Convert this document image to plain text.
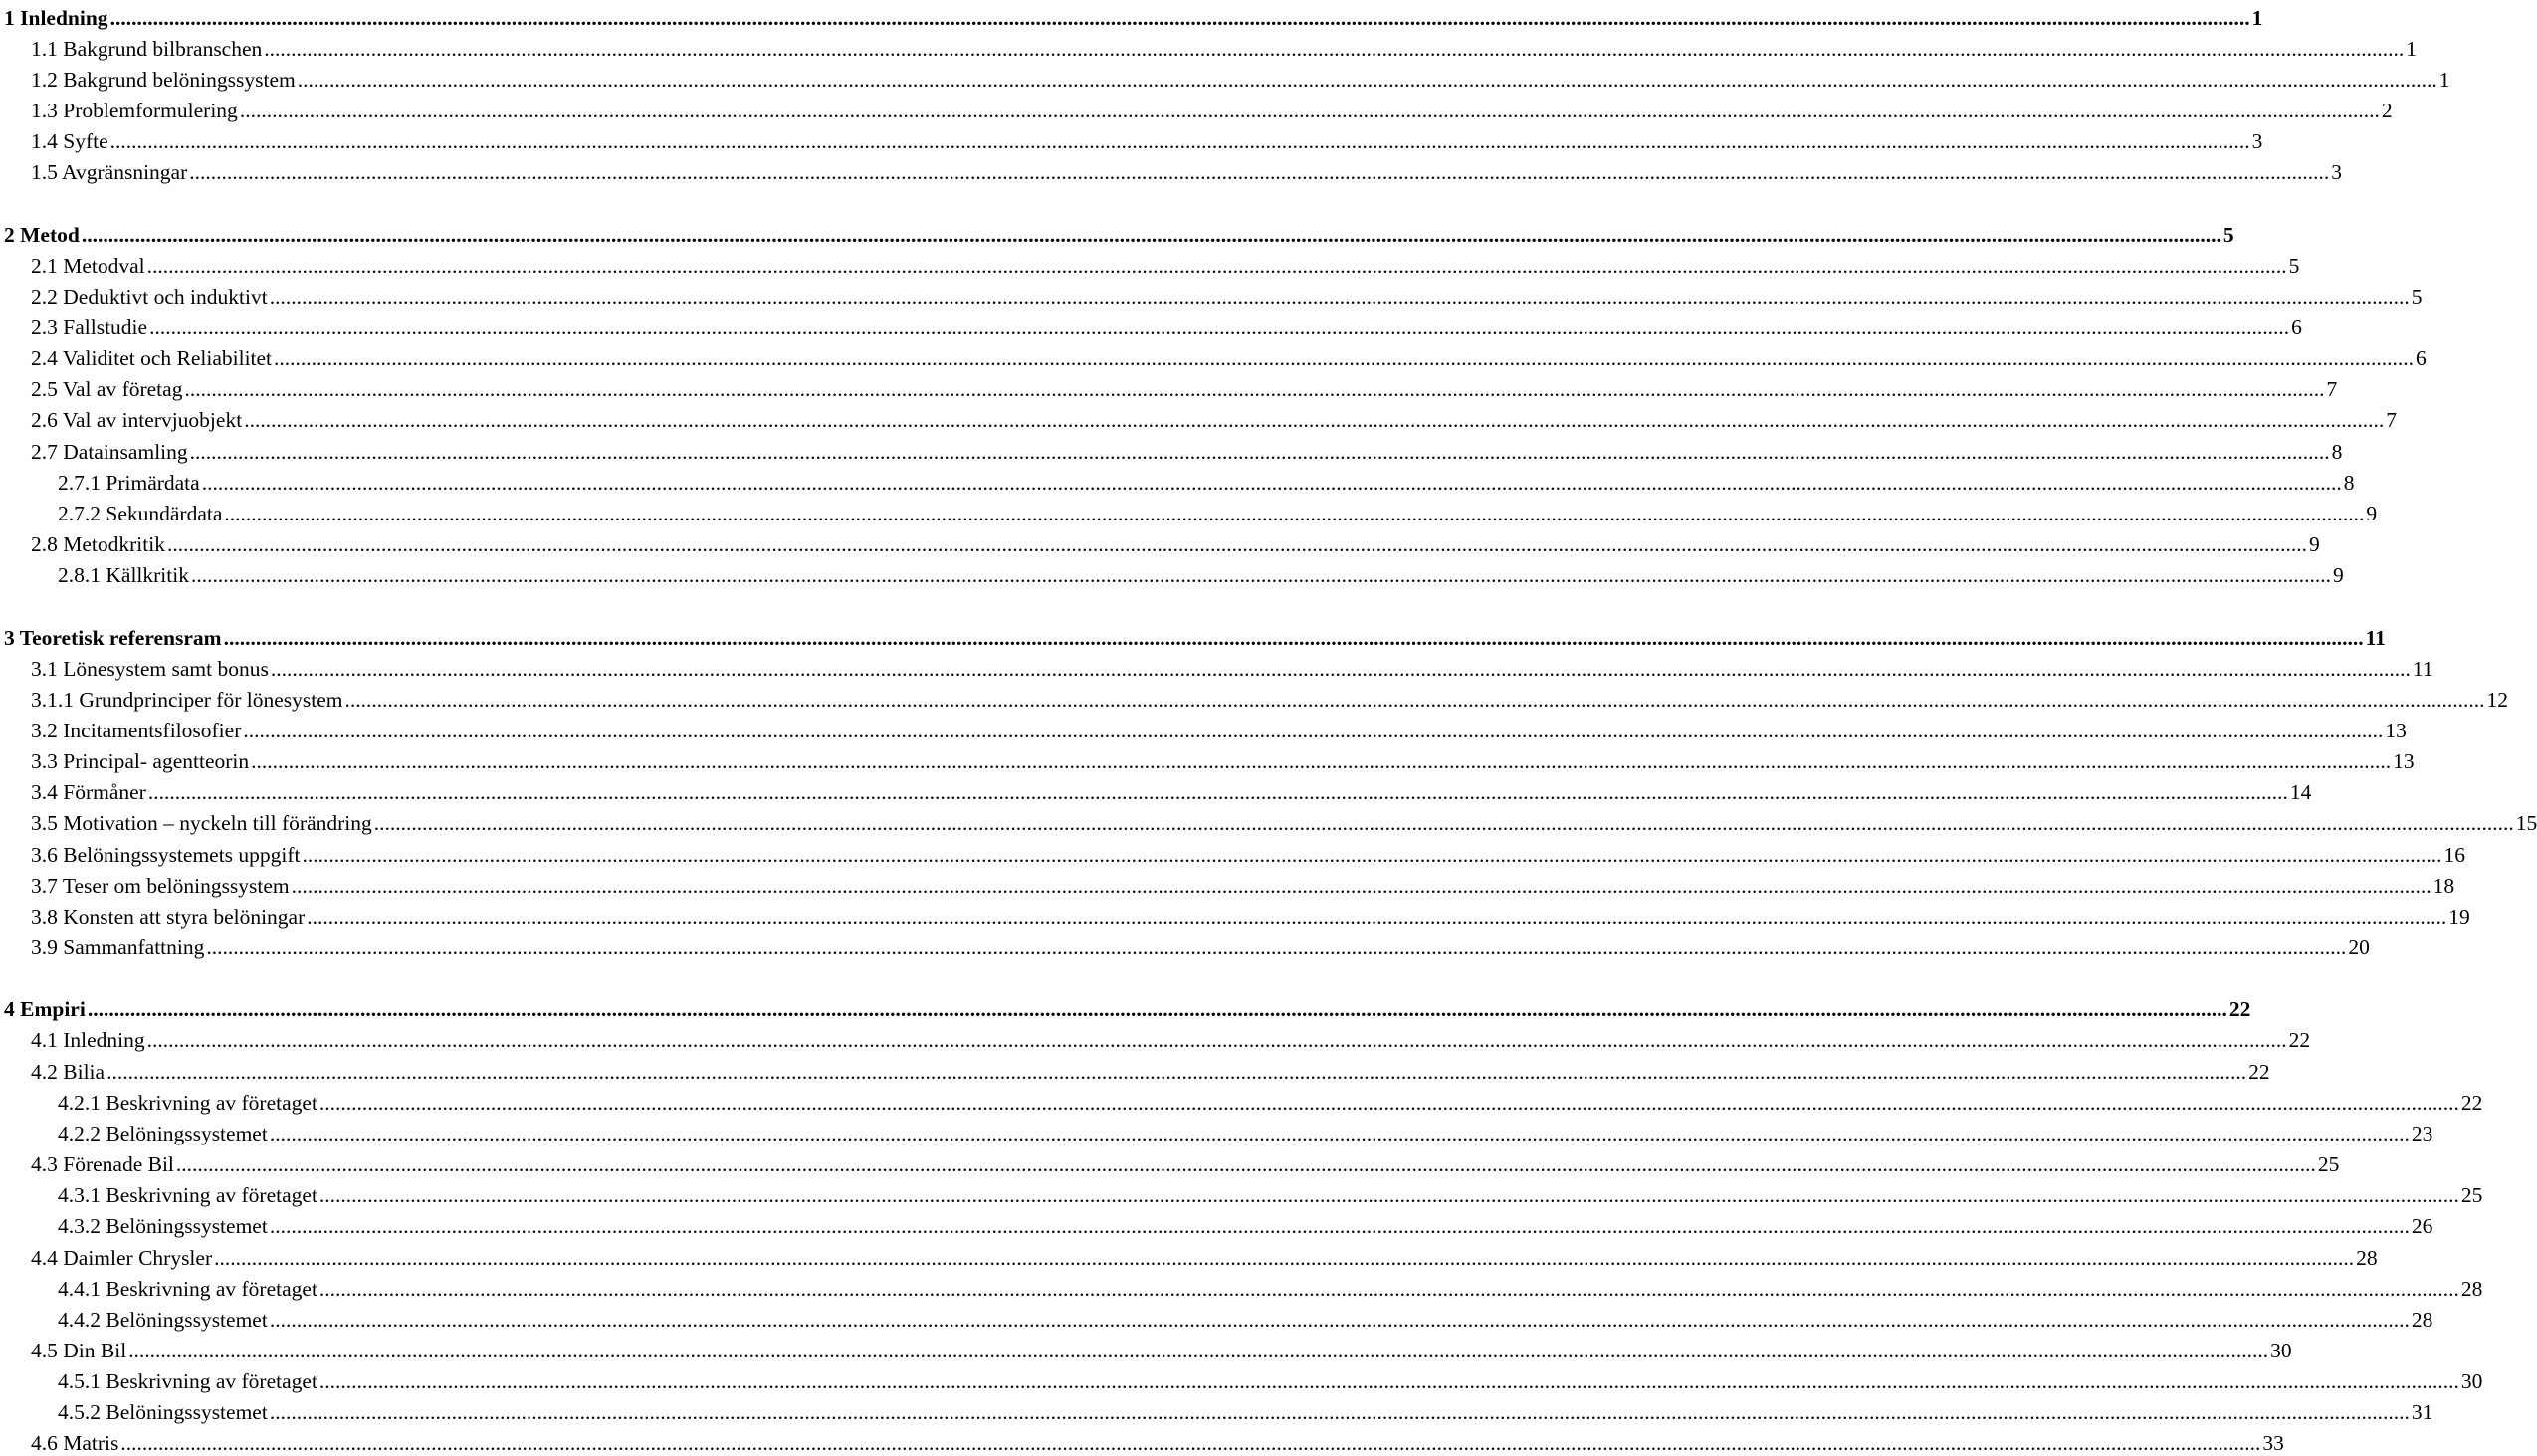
1 Inledning ................................................................................................................................................................................................................................................................................................................................................................................................................ 1
1.1 Bakgrund bilbranschen ................................................................................................................................................................................................................................................................................................................................................................................................................ 1
1.2 Bakgrund belöningssystem ................................................................................................................................................................................................................................................................................................................................................................................................................ 1
1.3 Problemformulering ................................................................................................................................................................................................................................................................................................................................................................................................................ 2
1.4 Syfte ................................................................................................................................................................................................................................................................................................................................................................................................................ 3
1.5 Avgränsningar ................................................................................................................................................................................................................................................................................................................................................................................................................ 3
2 Metod ................................................................................................................................................................................................................................................................................................................................................................................................................ 5
2.1 Metodval ................................................................................................................................................................................................................................................................................................................................................................................................................ 5
2.2 Deduktivt och induktivt ................................................................................................................................................................................................................................................................................................................................................................................................................ 5
2.3 Fallstudie ................................................................................................................................................................................................................................................................................................................................................................................................................ 6
2.4 Validitet och Reliabilitet ................................................................................................................................................................................................................................................................................................................................................................................................................ 6
2.5 Val av företag ................................................................................................................................................................................................................................................................................................................................................................................................................ 7
2.6 Val av intervjuobjekt ................................................................................................................................................................................................................................................................................................................................................................................................................ 7
2.7 Datainsamling ................................................................................................................................................................................................................................................................................................................................................................................................................ 8
2.7.1 Primärdata ................................................................................................................................................................................................................................................................................................................................................................................................................ 8
2.7.2 Sekundärdata ................................................................................................................................................................................................................................................................................................................................................................................................................ 9
2.8 Metodkritik ................................................................................................................................................................................................................................................................................................................................................................................................................ 9
2.8.1 Källkritik ................................................................................................................................................................................................................................................................................................................................................................................................................ 9
3 Teoretisk referensram ................................................................................................................................................................................................................................................................................................................................................................................................................ 11
3.1 Lönesystem samt bonus ................................................................................................................................................................................................................................................................................................................................................................................................................ 11
3.1.1 Grundprinciper för lönesystem ................................................................................................................................................................................................................................................................................................................................................................................................................ 12
3.2 Incitamentsfilosofier ................................................................................................................................................................................................................................................................................................................................................................................................................ 13
3.3 Principal- agentteorin ................................................................................................................................................................................................................................................................................................................................................................................................................ 13
3.4 Förmåner ................................................................................................................................................................................................................................................................................................................................................................................................................ 14
3.5 Motivation – nyckeln till förändring ................................................................................................................................................................................................................................................................................................................................................................................................................ 15
3.6 Belöningssystemets uppgift ................................................................................................................................................................................................................................................................................................................................................................................................................ 16
3.7 Teser om belöningssystem ................................................................................................................................................................................................................................................................................................................................................................................................................ 18
3.8 Konsten att styra belöningar ................................................................................................................................................................................................................................................................................................................................................................................................................ 19
3.9 Sammanfattning ................................................................................................................................................................................................................................................................................................................................................................................................................ 20
4 Empiri ................................................................................................................................................................................................................................................................................................................................................................................................................ 22
4.1 Inledning ................................................................................................................................................................................................................................................................................................................................................................................................................ 22
4.2 Bilia ................................................................................................................................................................................................................................................................................................................................................................................................................ 22
4.2.1 Beskrivning av företaget ................................................................................................................................................................................................................................................................................................................................................................................................................ 22
4.2.2 Belöningssystemet ................................................................................................................................................................................................................................................................................................................................................................................................................ 23
4.3 Förenade Bil ................................................................................................................................................................................................................................................................................................................................................................................................................ 25
4.3.1 Beskrivning av företaget ................................................................................................................................................................................................................................................................................................................................................................................................................ 25
4.3.2 Belöningssystemet ................................................................................................................................................................................................................................................................................................................................................................................................................ 26
4.4 Daimler Chrysler ................................................................................................................................................................................................................................................................................................................................................................................................................ 28
4.4.1 Beskrivning av företaget ................................................................................................................................................................................................................................................................................................................................................................................................................ 28
4.4.2 Belöningssystemet ................................................................................................................................................................................................................................................................................................................................................................................................................ 28
4.5 Din Bil ................................................................................................................................................................................................................................................................................................................................................................................................................ 30
4.5.1 Beskrivning av företaget ................................................................................................................................................................................................................................................................................................................................................................................................................ 30
4.5.2 Belöningssystemet ................................................................................................................................................................................................................................................................................................................................................................................................................ 31
4.6 Matris ................................................................................................................................................................................................................................................................................................................................................................................................................ 33
